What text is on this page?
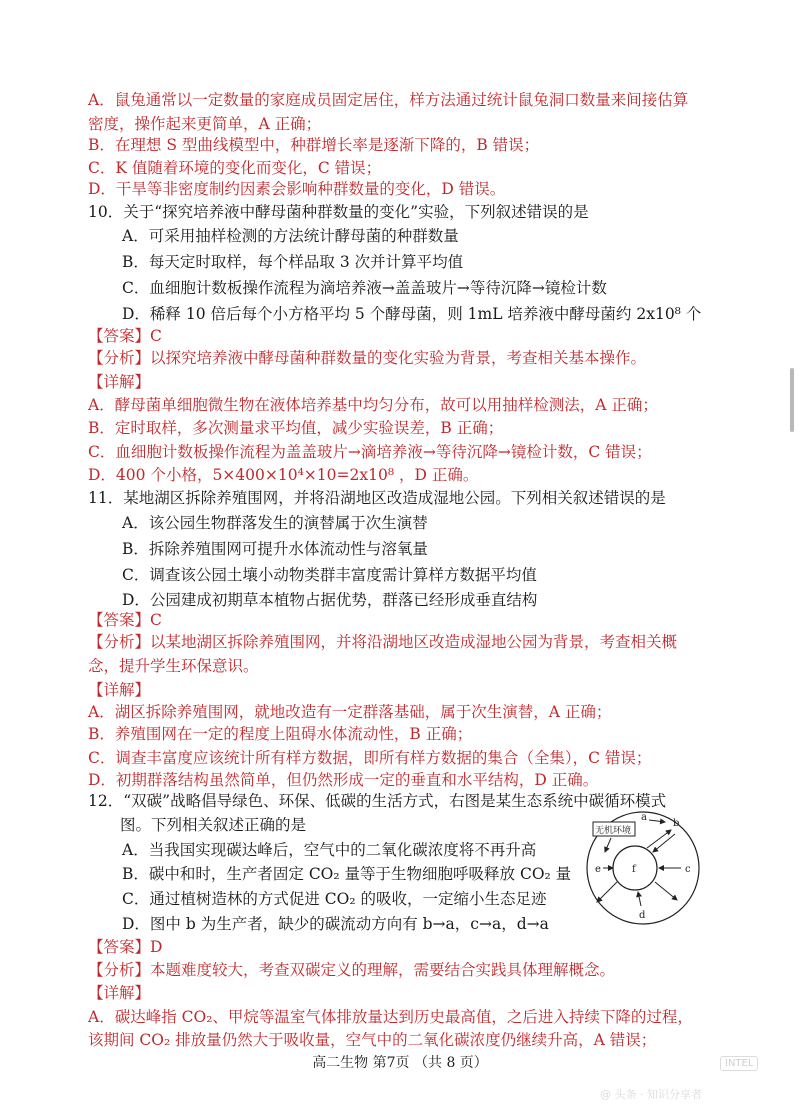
A．鼠兔通常以一定数量的家庭成员固定居住，样方法通过统计鼠兔洞口数量来间接估算
密度，操作起来更简单，A 正确；
B．在理想 S 型曲线模型中，种群增长率是逐渐下降的，B 错误；
C．K 值随着环境的变化而变化，C 错误；
D．干旱等非密度制约因素会影响种群数量的变化，D 错误。
10．关于“探究培养液中酵母菌种群数量的变化”实验，下列叙述错误的是
A．可采用抽样检测的方法统计酵母菌的种群数量
B．每天定时取样，每个样品取 3 次并计算平均值
C．血细胞计数板操作流程为滴培养液→盖盖玻片→等待沉降→镜检计数
D．稀释 10 倍后每个小方格平均 5 个酵母菌，则 1mL 培养液中酵母菌约 2x10⁸ 个
【答案】C
【分析】以探究培养液中酵母菌种群数量的变化实验为背景，考查相关基本操作。
【详解】
A．酵母菌单细胞微生物在液体培养基中均匀分布，故可以用抽样检测法，A 正确；
B．定时取样，多次测量求平均值，减少实验误差，B 正确；
C．血细胞计数板操作流程为盖盖玻片→滴培养液→等待沉降→镜检计数，C 错误；
D．400 个小格，5×400×10⁴×10=2x10⁸ ，D 正确。
11．某地湖区拆除养殖围网，并将沿湖地区改造成湿地公园。下列相关叙述错误的是
A．该公园生物群落发生的演替属于次生演替
B．拆除养殖围网可提升水体流动性与溶氧量
C．调查该公园土壤小动物类群丰富度需计算样方数据平均值
D．公园建成初期草本植物占据优势，群落已经形成垂直结构
【答案】C
【分析】以某地湖区拆除养殖围网，并将沿湖地区改造成湿地公园为背景，考查相关概
念，提升学生环保意识。
【详解】
A．湖区拆除养殖围网，就地改造有一定群落基础，属于次生演替，A 正确；
B．养殖围网在一定的程度上阻碍水体流动性，B 正确；
C．调查丰富度应该统计所有样方数据，即所有样方数据的集合（全集），C 错误；
D．初期群落结构虽然简单，但仍然形成一定的垂直和水平结构，D 正确。
12．“双碳”战略倡导绿色、环保、低碳的生活方式，右图是某生态系统中碳循环模式
图。下列相关叙述正确的是
A．当我国实现碳达峰后，空气中的二氧化碳浓度将不再升高
B．碳中和时，生产者固定 CO₂ 量等于生物细胞呼吸释放 CO₂ 量
C．通过植树造林的方式促进 CO₂ 的吸收，一定缩小生态足迹
D．图中 b 为生产者，缺少的碳流动方向有 b→a，c→a，d→a
【答案】D
【分析】本题难度较大，考查双碳定义的理解，需要结合实践具体理解概念。
【详解】
A．碳达峰指 CO₂、甲烷等温室气体排放量达到历史最高值，之后进入持续下降的过程，
该期间 CO₂ 排放量仍然大于吸收量，空气中的二氧化碳浓度仍继续升高，A 错误；
无机环境
f
a
b
c
d
e
高二生物 第7页 （共 8 页）	INTEL
@ 头条 · 知识分享者
